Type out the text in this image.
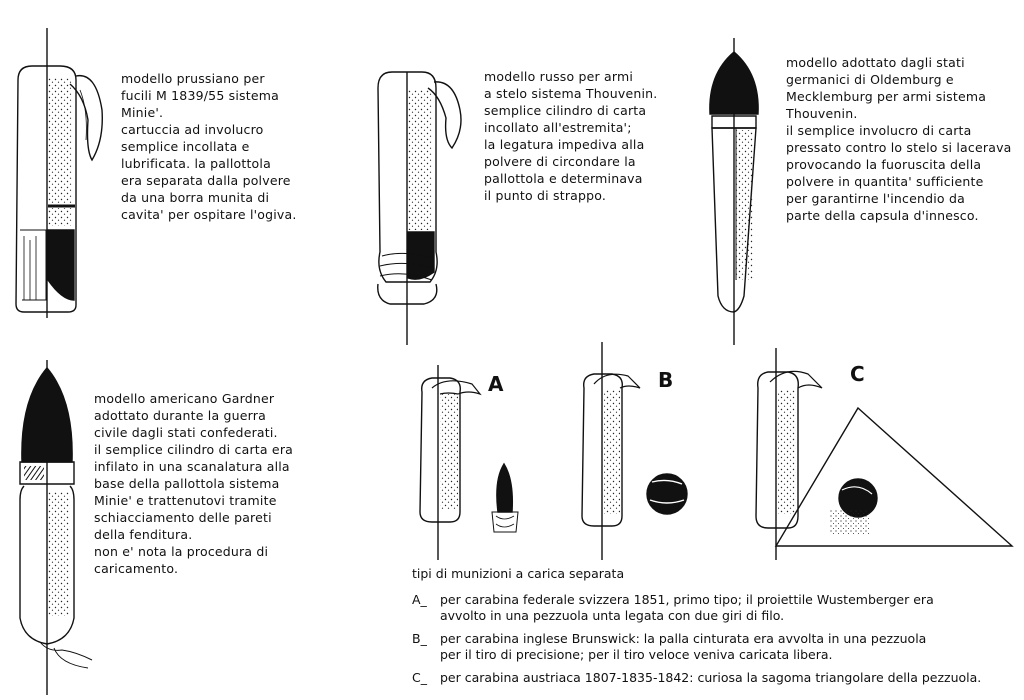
modello prussiano per
fucili M 1839/55 sistema
Minie'.
cartuccia ad involucro
semplice incollata e
lubrificata. la pallottola
era separata dalla polvere
da una borra munita di
cavita' per ospitare l'ogiva.
modello russo per armi
a stelo sistema Thouvenin.
semplice cilindro di carta
incollato all'estremita';
la legatura impediva alla
polvere di circondare la
pallottola e determinava
il punto di strappo.
modello adottato dagli stati
germanici di Oldemburg e
Mecklemburg per armi sistema
Thouvenin.
il semplice involucro di carta
pressato contro lo stelo si lacerava
provocando la fuoruscita della
polvere in quantita' sufficiente
per garantirne l'incendio da
parte della capsula d'innesco.
modello americano Gardner
adottato durante la guerra
civile dagli stati confederati.
il semplice cilindro di carta era
infilato in una scanalatura alla
base della pallottola sistema
Minie' e trattenutovi tramite
schiacciamento delle pareti
della fenditura.
non e' nota la procedura di
caricamento.
A	B	C
tipi di munizioni a carica separata
A_ per carabina federale svizzera 1851, primo tipo; il proiettile Wustemberger era
avvolto in una pezzuola unta legata con due giri di filo.
B_ per carabina inglese Brunswick: la palla cinturata era avvolta in una pezzuola
per il tiro di precisione; per il tiro veloce veniva caricata libera.
C_ per carabina austriaca 1807-1835-1842: curiosa la sagoma triangolare della pezzuola.
